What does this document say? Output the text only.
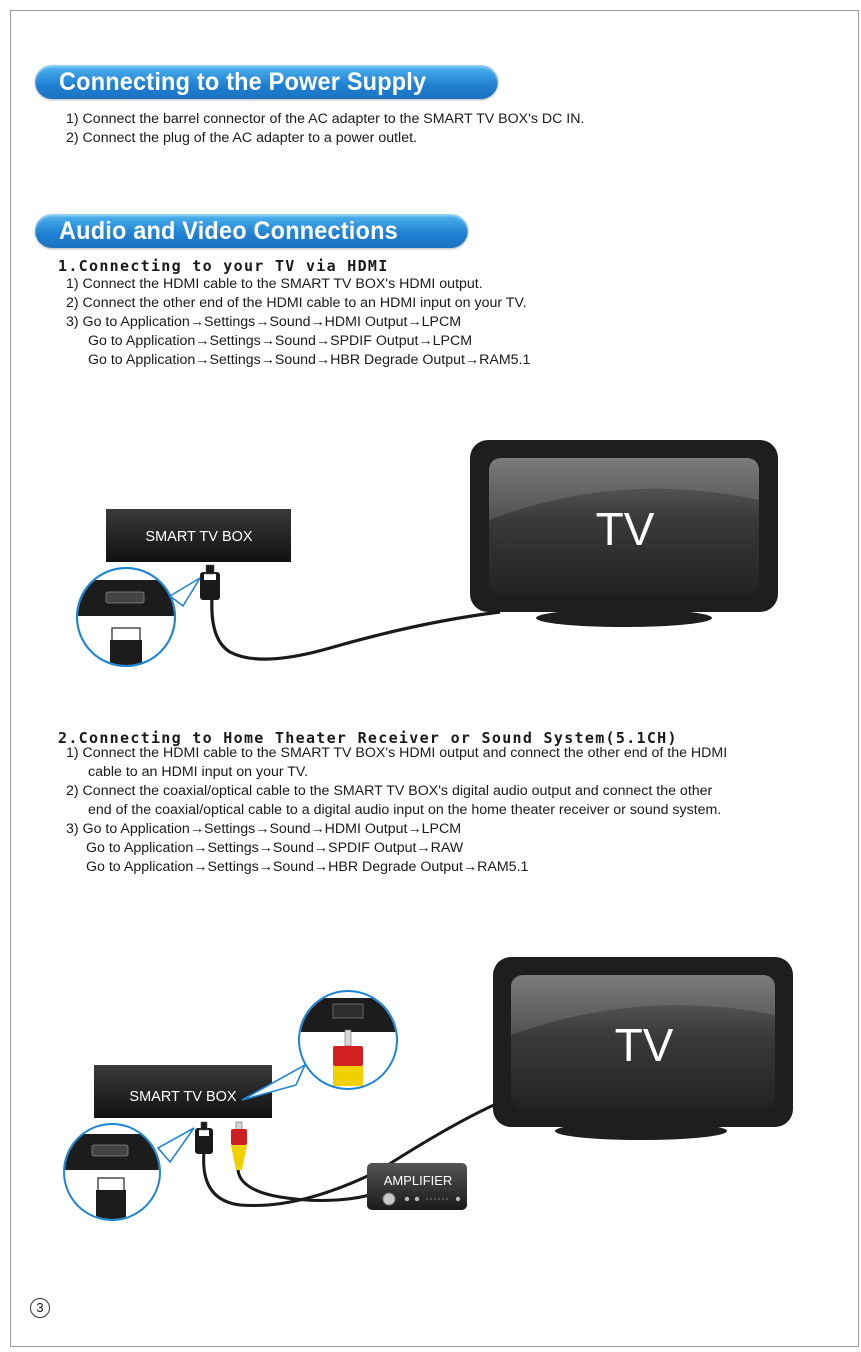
Connecting to the Power Supply
1) Connect the barrel connector of the AC adapter to the SMART TV BOX's DC IN.
2) Connect the plug of the AC adapter to a power outlet.
Audio and Video Connections
1.Connecting to your TV via HDMI
1) Connect the HDMI cable to the SMART TV BOX's HDMI output.
2) Connect the other end of the HDMI cable to an HDMI input on your TV.
3) Go to Application→Settings→Sound→HDMI Output→LPCM
Go to Application→Settings→Sound→SPDIF Output→LPCM
Go to Application→Settings→Sound→HBR Degrade Output→RAM5.1
TV
SMART TV BOX
2.Connecting to Home Theater Receiver or Sound System(5.1CH)
1) Connect the HDMI cable to the SMART TV BOX's HDMI output and connect the other end of the HDMI
cable to an HDMI input on your TV.
2) Connect the coaxial/optical cable to the SMART TV BOX's digital audio output and connect the other
end of the coaxial/optical cable to a digital audio input on the home theater receiver or sound system.
3) Go to Application→Settings→Sound→HDMI Output→LPCM
Go to Application→Settings→Sound→SPDIF Output→RAW
Go to Application→Settings→Sound→HBR Degrade Output→RAM5.1
TV
SMART TV BOX
AMPLIFIER
3
